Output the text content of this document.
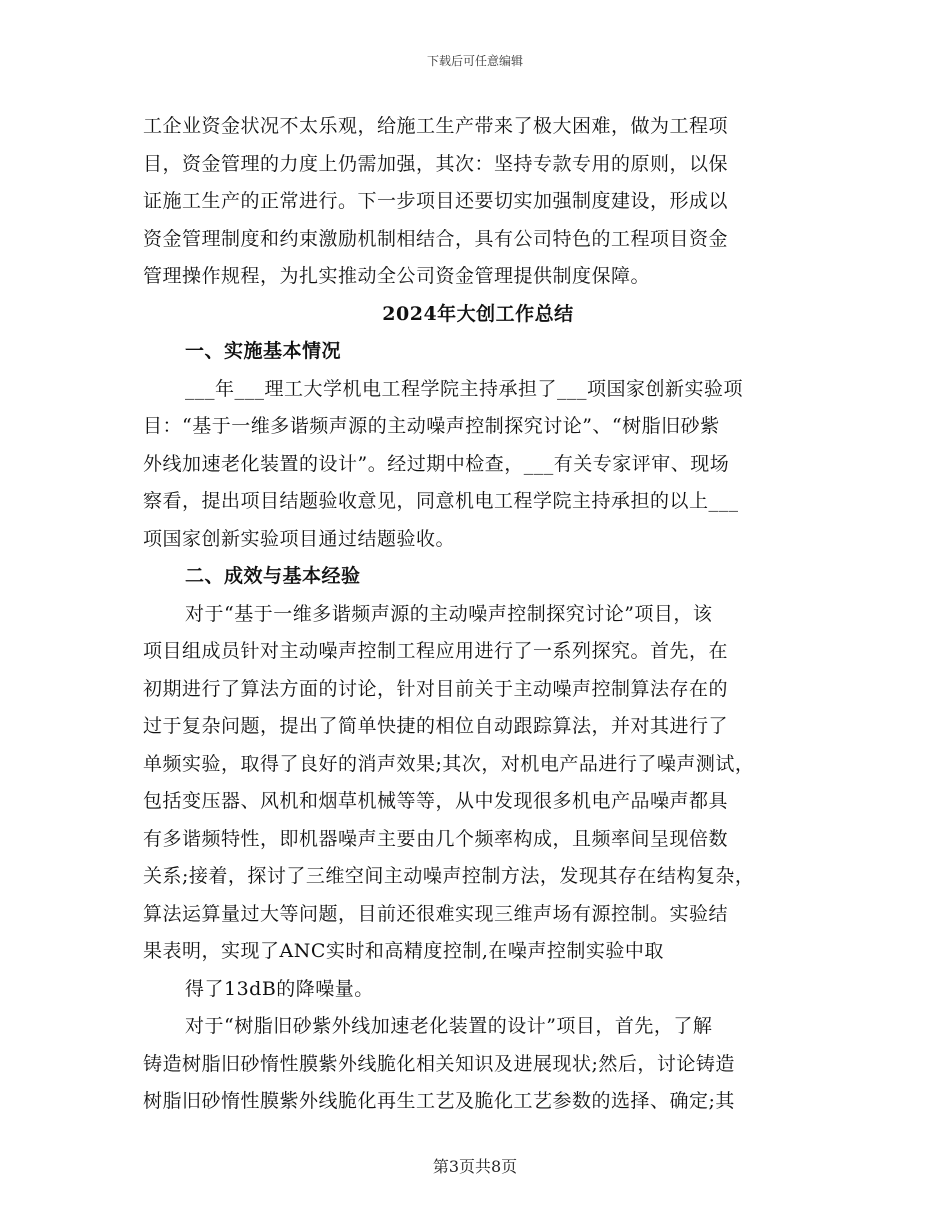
下载后可任意编辑
工企业资金状况不太乐观，给施工生产带来了极大困难，做为工程项
目，资金管理的力度上仍需加强，其次：坚持专款专用的原则，以保
证施工生产的正常进行。下一步项目还要切实加强制度建设，形成以
资金管理制度和约束激励机制相结合，具有公司特色的工程项目资金
管理操作规程，为扎实推动全公司资金管理提供制度保障。
2024年大创工作总结
一、实施基本情况
___年___理工大学机电工程学院主持承担了___项国家创新实验项
目：“基于一维多谐频声源的主动噪声控制探究讨论”、“树脂旧砂紫
外线加速老化装置的设计”。经过期中检查，___有关专家评审、现场
察看，提出项目结题验收意见，同意机电工程学院主持承担的以上___
项国家创新实验项目通过结题验收。
二、成效与基本经验
对于“基于一维多谐频声源的主动噪声控制探究讨论”项目，该
项目组成员针对主动噪声控制工程应用进行了一系列探究。首先，在
初期进行了算法方面的讨论，针对目前关于主动噪声控制算法存在的
过于复杂问题，提出了简单快捷的相位自动跟踪算法，并对其进行了
单频实验，取得了良好的消声效果;其次，对机电产品进行了噪声测试，
包括变压器、风机和烟草机械等等，从中发现很多机电产品噪声都具
有多谐频特性，即机器噪声主要由几个频率构成，且频率间呈现倍数
关系;接着，探讨了三维空间主动噪声控制方法，发现其存在结构复杂，
算法运算量过大等问题，目前还很难实现三维声场有源控制。实验结
果表明，实现了ANC实时和高精度控制,在噪声控制实验中取
得了13dB的降噪量。
对于“树脂旧砂紫外线加速老化装置的设计”项目，首先，了解
铸造树脂旧砂惰性膜紫外线脆化相关知识及进展现状;然后，讨论铸造
树脂旧砂惰性膜紫外线脆化再生工艺及脆化工艺参数的选择、确定;其
第3页共8页
